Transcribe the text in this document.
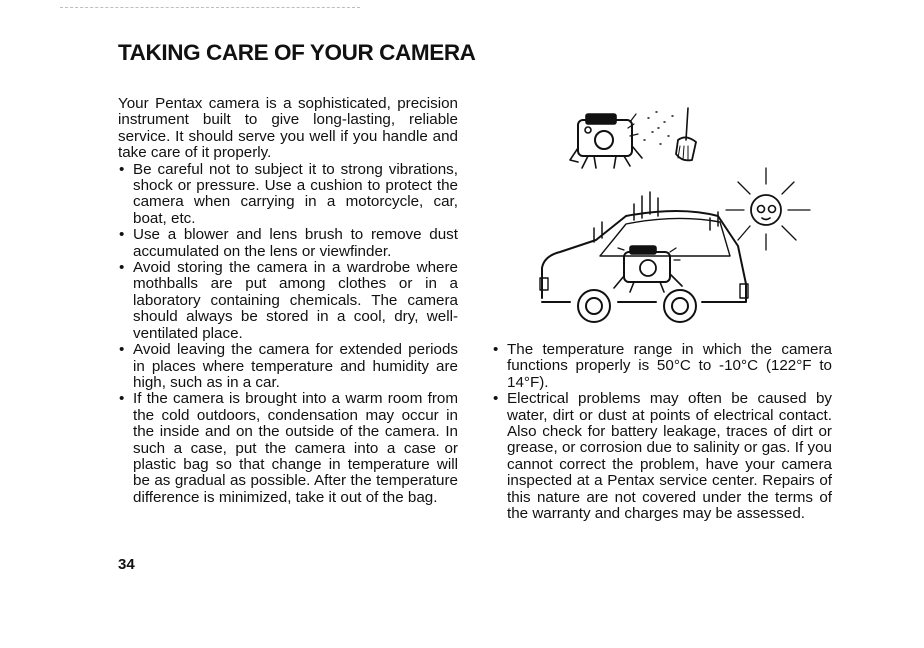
TAKING CARE OF YOUR CAMERA

Your Pentax camera is a sophisticated, precision instrument built to give long-lasting, reliable service. It should serve you well if you handle and take care of it properly.

• Be careful not to subject it to strong vibrations, shock or pressure. Use a cushion to protect the camera when carrying in a motorcycle, car, boat, etc.
• Use a blower and lens brush to remove dust accumulated on the lens or viewfinder.
• Avoid storing the camera in a wardrobe where mothballs are put among clothes or in a laboratory containing chemicals. The camera should always be stored in a cool, dry, well-ventilated place.
• Avoid leaving the camera for extended periods in places where temperature and humidity are high, such as in a car.
• If the camera is brought into a warm room from the cold outdoors, condensation may occur in the inside and on the outside of the camera. In such a case, put the camera into a case or plastic bag so that change in temperature will be as gradual as possible. After the temperature difference is minimized, take it out of the bag.
34
• The temperature range in which the camera functions properly is 50°C to -10°C (122°F to 14°F).
• Electrical problems may often be caused by water, dirt or dust at points of electrical contact. Also check for battery leakage, traces of dirt or grease, or corrosion due to salinity or gas. If you cannot correct the problem, have your camera inspected at a Pentax service center. Repairs of this nature are not covered under the terms of the warranty and charges may be assessed.
